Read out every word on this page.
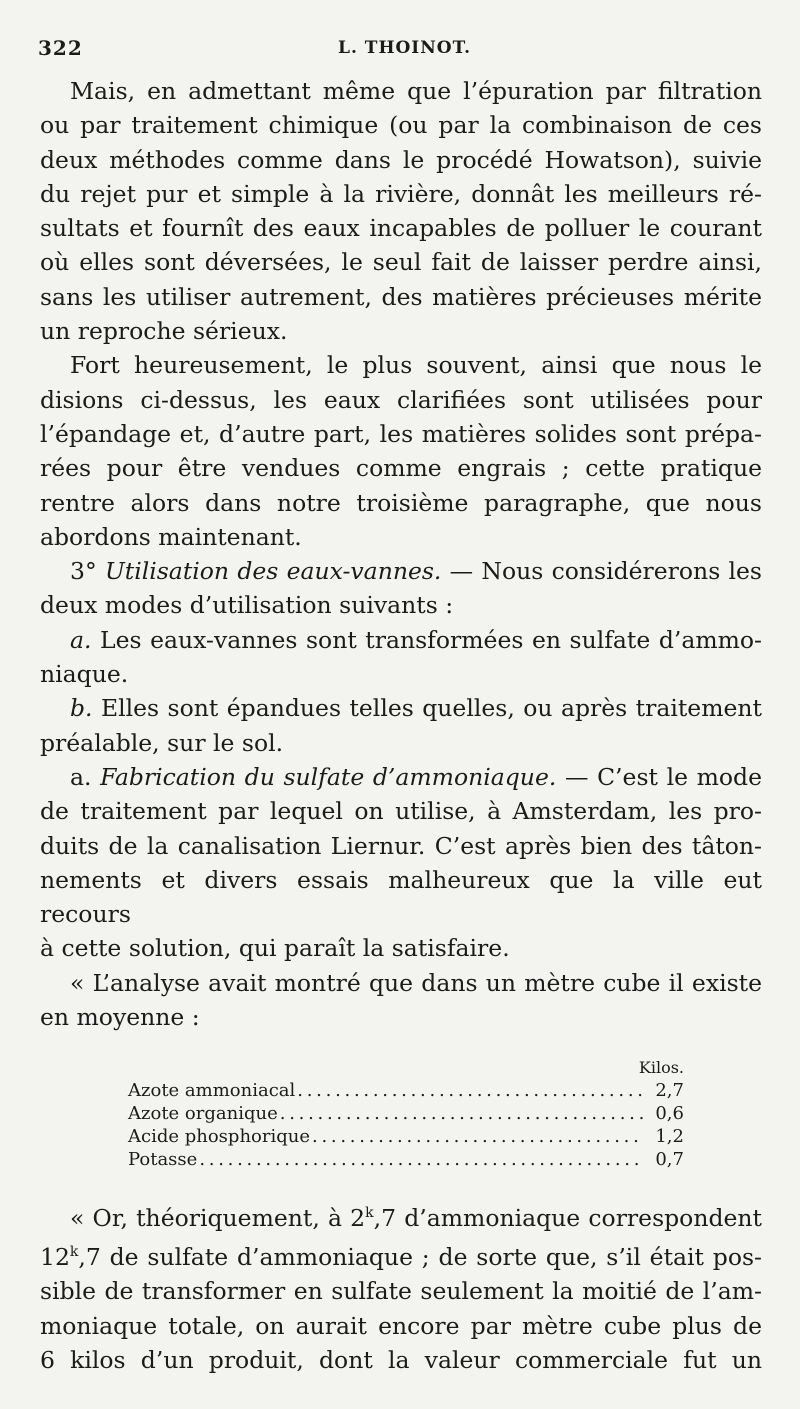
322	L. THOINOT.
Mais, en admettant même que l’épuration par filtration
ou par traitement chimique (ou par la combinaison de ces
deux méthodes comme dans le procédé Howatson), suivie
du rejet pur et simple à la rivière, donnât les meilleurs ré-
sultats et fournît des eaux incapables de polluer le courant
où elles sont déversées, le seul fait de laisser perdre ainsi,
sans les utiliser autrement, des matières précieuses mérite
un reproche sérieux.
Fort heureusement, le plus souvent, ainsi que nous le
disions ci-dessus, les eaux clarifiées sont utilisées pour
l’épandage et, d’autre part, les matières solides sont prépa-
rées pour être vendues comme engrais ; cette pratique
rentre alors dans notre troisième paragraphe, que nous
abordons maintenant.
3° Utilisation des eaux-vannes. — Nous considérerons les
deux modes d’utilisation suivants :
a. Les eaux-vannes sont transformées en sulfate d’ammo-
niaque.
b. Elles sont épandues telles quelles, ou après traitement
préalable, sur le sol.
a. Fabrication du sulfate d’ammoniaque. — C’est le mode
de traitement par lequel on utilise, à Amsterdam, les pro-
duits de la canalisation Liernur. C’est après bien des tâton-
nements et divers essais malheureux que la ville eut recours
à cette solution, qui paraît la satisfaire.
« L’analyse avait montré que dans un mètre cube il existe
en moyenne :
Kilos.
Azote ammoniacal . . .	2,7
Azote organique . . .	0,6
Acide phosphorique . . .	1,2
Potasse . . .	0,7
« Or, théoriquement, à 2$^k$,7 d’ammoniaque correspondent
12$^k$,7 de sulfate d’ammoniaque ; de sorte que, s’il était pos-
sible de transformer en sulfate seulement la moitié de l’am-
moniaque totale, on aurait encore par mètre cube plus de
6 kilos d’un produit, dont la valeur commerciale fut un
